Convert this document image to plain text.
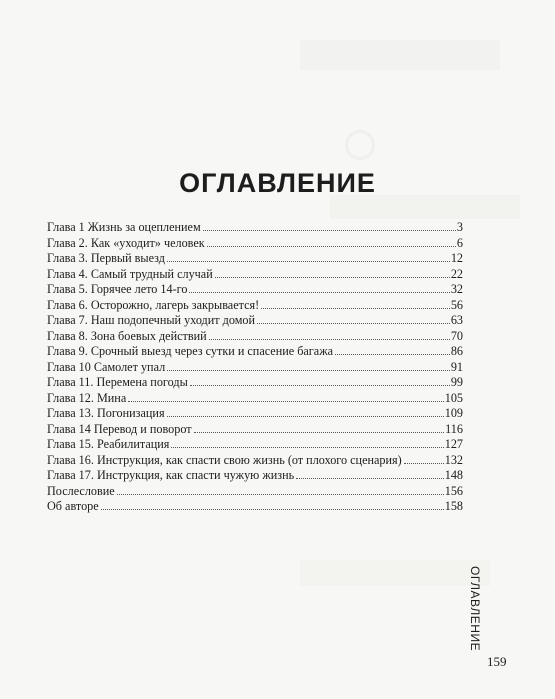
ОГЛАВЛЕНИЕ
Глава 1 Жизнь за оцеплением	3
Глава 2. Как «уходит» человек	6
Глава 3. Первый выезд	12
Глава 4. Самый трудный случай	22
Глава 5. Горячее лето 14-го	32
Глава 6. Осторожно, лагерь закрывается!	56
Глава 7. Наш подопечный уходит домой	63
Глава 8. Зона боевых действий	70
Глава 9. Срочный выезд через сутки и спасение багажа	86
Глава 10 Самолет упал	91
Глава 11. Перемена погоды	99
Глава 12. Мина	105
Глава 13. Погонизация	109
Глава 14 Перевод и поворот	116
Глава 15. Реабилитация	127
Глава 16. Инструкция, как спасти свою жизнь (от плохого сценария)	132
Глава 17. Инструкция, как спасти чужую жизнь	148
Послесловие	156
Об авторе	158
ОГЛАВЛЕНИЕ
159
